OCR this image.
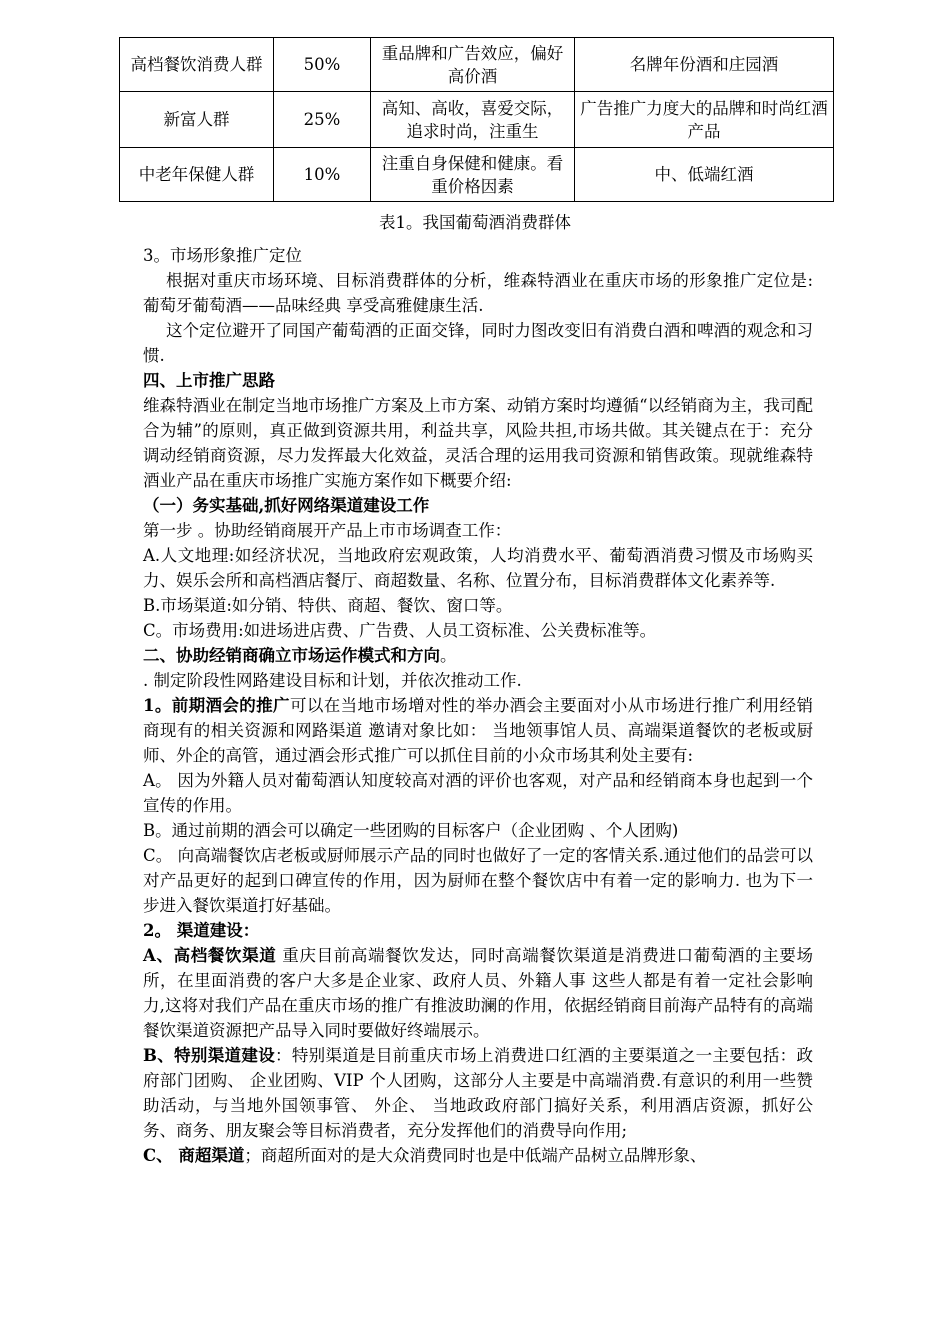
高档餐饮消费人群	50%	重品牌和广告效应，偏好高价酒	名牌年份酒和庄园酒
新富人群	25%	高知、高收，喜爱交际，追求时尚，注重生	广告推广力度大的品牌和时尚红酒产品
中老年保健人群	10%	注重自身保健和健康。看重价格因素	中、低端红酒
表1。我国葡萄酒消费群体

3。市场形象推广定位

根据对重庆市场环境、目标消费群体的分析，维森特酒业在重庆市场的形象推广定位是:葡萄牙葡萄酒——品味经典 享受高雅健康生活.

这个定位避开了同国产葡萄酒的正面交锋，同时力图改变旧有消费白酒和啤酒的观念和习惯.

四、上市推广思路

维森特酒业在制定当地市场推广方案及上市方案、动销方案时均遵循“以经销商为主，我司配合为辅”的原则，真正做到资源共用，利益共享，风险共担,市场共做。其关键点在于：充分调动经销商资源，尽力发挥最大化效益，灵活合理的运用我司资源和销售政策。现就维森特酒业产品在重庆市场推广实施方案作如下概要介绍:

（一）务实基础,抓好网络渠道建设工作

第一步 。协助经销商展开产品上市市场调查工作：

A.人文地理:如经济状况，当地政府宏观政策，人均消费水平、葡萄酒消费习惯及市场购买力、娱乐会所和高档酒店餐厅、商超数量、名称、位置分布，目标消费群体文化素养等.

B.市场渠道:如分销、特供、商超、餐饮、窗口等。

C。市场费用:如进场进店费、广告费、人员工资标准、公关费标准等。

二、协助经销商确立市场运作模式和方向。

. 制定阶段性网路建设目标和计划，并依次推动工作.

1。前期酒会的推广可以在当地市场增对性的举办酒会主要面对小从市场进行推广利用经销商现有的相关资源和网路渠道 邀请对象比如： 当地领事馆人员、高端渠道餐饮的老板或厨师、外企的高管，通过酒会形式推广可以抓住目前的小众市场其利处主要有:

A。 因为外籍人员对葡萄酒认知度较高对酒的评价也客观，对产品和经销商本身也起到一个宣传的作用。

B。通过前期的酒会可以确定一些团购的目标客户（企业团购 、个人团购)

C。 向高端餐饮店老板或厨师展示产品的同时也做好了一定的客情关系.通过他们的品尝可以对产品更好的起到口碑宣传的作用，因为厨师在整个餐饮店中有着一定的影响力. 也为下一步进入餐饮渠道打好基础。

2。 渠道建设：

A、高档餐饮渠道 重庆目前高端餐饮发达，同时高端餐饮渠道是消费进口葡萄酒的主要场所，在里面消费的客户大多是企业家、政府人员、外籍人事 这些人都是有着一定社会影响力,这将对我们产品在重庆市场的推广有推波助澜的作用，依据经销商目前海产品特有的高端餐饮渠道资源把产品导入同时要做好终端展示。

B、特别渠道建设：特别渠道是目前重庆市场上消费进口红酒的主要渠道之一主要包括：政府部门团购、 企业团购、VIP 个人团购，这部分人主要是中高端消费.有意识的利用一些赞助活动，与当地外国领事管、 外企、 当地政政府部门搞好关系，利用酒店资源，抓好公务、商务、朋友聚会等目标消费者，充分发挥他们的消费导向作用;

C、 商超渠道；商超所面对的是大众消费同时也是中低端产品树立品牌形象、
